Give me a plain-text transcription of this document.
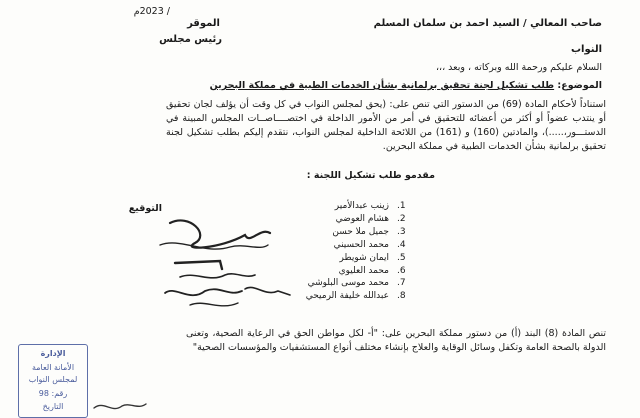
/ 2023م
صاحب المعالي / السيد احمد بن سلمان المسلم
الموقر
رئيس مجلس
النواب
السلام عليكم ورحمة الله وبركاته ، وبعد ،،،
الموضوع: طلب تشكيل لجنة تحقيق برلمانية بشأن الخدمات الطبية في مملكة البحرين
استناداً لأحكام المادة (69) من الدستور التي تنص على: (يحق لمجلس النواب في كل وقت أن يؤلف لجان تحقيق أو ينتدب عضواً أو أكثر من أعضائه للتحقيق في أمر من الأمور الداخلة في اختصــــاصــات المجلس المبينة في الدستـــور،.....)، والمادتين (160) و (161) من اللائحة الداخلية لمجلس النواب، نتقدم إليكم بطلب تشكيل لجنة تحقيق برلمانية بشأن الخدمات الطبية في مملكة البحرين.
مقدمو طلب تشكيل اللجنة :
التوقيع	1.
زينب عبدالأمير
2.
هشام العوضي
3.
جميل ملا حسن
4.
محمد الحسيني
5.
ايمان شويطر
6.
محمد العليوي
7.
محمد موسى البلوشي
8.
عبدالله خليفة الرميحي
تنص المادة (8) البند (أ) من دستور مملكة البحرين على: "أ- لكل مواطن الحق في الرعاية الصحية، وتعنى الدولة بالصحة العامة وتكفل وسائل الوقاية والعلاج بإنشاء مختلف أنواع المستشفيات والمؤسسات الصحية"
الإدارة
الأمانة العامة
لمجلس النواب
رقم: 98
التاريخ
